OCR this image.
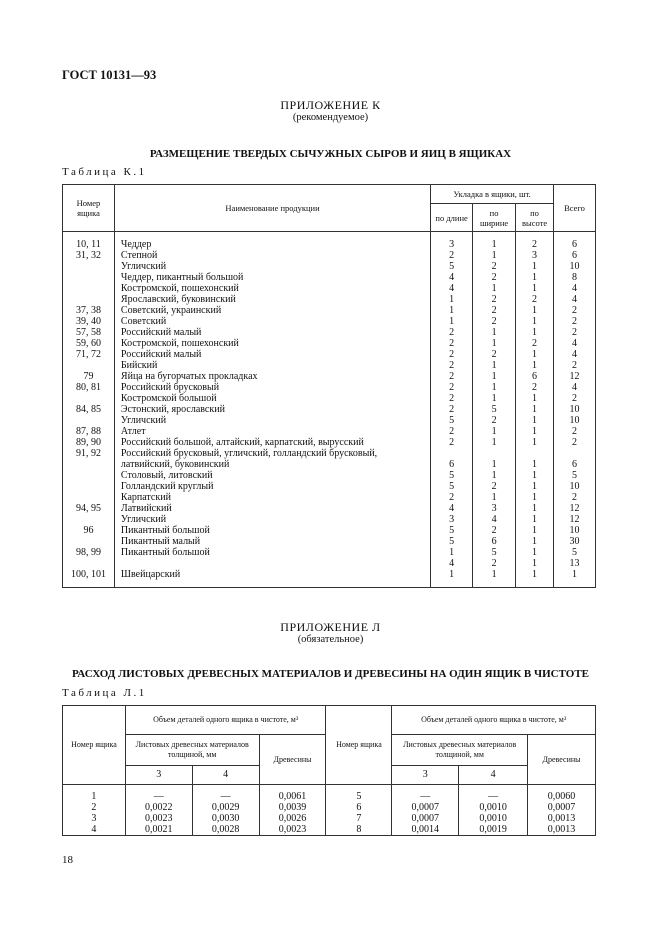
ГОСТ 10131—93
ПРИЛОЖЕНИЕ К
(рекомендуемое)
РАЗМЕЩЕНИЕ ТВЕРДЫХ СЫЧУЖНЫХ СЫРОВ И ЯИЦ В ЯЩИКАХ
Таблица К.1
Номер ящика	Наименование продукции	Укладка в ящики, шт.			Всего
		по длине	по ширине	по высоте	
10, 11	Чеддер	3	1	2	6
31, 32	Степной	2	1	3	6
	Угличский	5	2	1	10
	Чеддер, пикантный большой	4	2	1	8
	Костромской, пошехонский	4	1	1	4
	Ярославский, буковинский	1	2	2	4
37, 38	Советский, украинский	1	2	1	2
39, 40	Советский	1	2	1	2
57, 58	Российский малый	2	1	1	2
59, 60	Костромской, пошехонский	2	1	2	4
71, 72	Российский малый	2	2	1	4
	Бийский	2	1	1	2
79	Яйца на бугорчатых прокладках	2	1	6	12
80, 81	Российский брусковый	2	1	2	4
	Костромской большой	2	1	1	2
84, 85	Эстонский, ярославский	2	5	1	10
	Угличский	5	2	1	10
87, 88	Атлет	2	1	1	2
89, 90	Российский большой, алтайский, карпатский, выруcский	2	1	1	2
91, 92	Российский брусковый, угличский, голландский брусковый,				
	латвийский, буковинский	6	1	1	6
	Столовый, литовский	5	1	1	5
	Голландский круглый	5	2	1	10
	Карпатский	2	1	1	2
94, 95	Латвийский	4	3	1	12
	Угличский	3	4	1	12
96	Пикантный большой	5	2	1	10
	Пикантный малый	5	6	1	30
98, 99	Пикантный большой	1	5	1	5
		4	2	1	13
100, 101	Швейцарский	1	1	1	1
ПРИЛОЖЕНИЕ Л
(обязательное)
РАСХОД ЛИСТОВЫХ ДРЕВЕСНЫХ МАТЕРИАЛОВ И ДРЕВЕСИНЫ НА ОДИН ЯЩИК В ЧИСТОТЕ
Таблица Л.1
Номер ящика	Объем деталей одного ящика в чистоте, м³			Номер ящика	Объем деталей одного ящика в чистоте, м³		
	Листовых древесных материалов толщиной, мм		Древесины		Листовых древесных материалов толщиной, мм		Древесины
	3	4			3	4	
1	—	—	0,0061	5	—	—	0,0060
2	0,0022	0,0029	0,0039	6	0,0007	0,0010	0,0007
3	0,0023	0,0030	0,0026	7	0,0007	0,0010	0,0013
4	0,0021	0,0028	0,0023	8	0,0014	0,0019	0,0013
18
